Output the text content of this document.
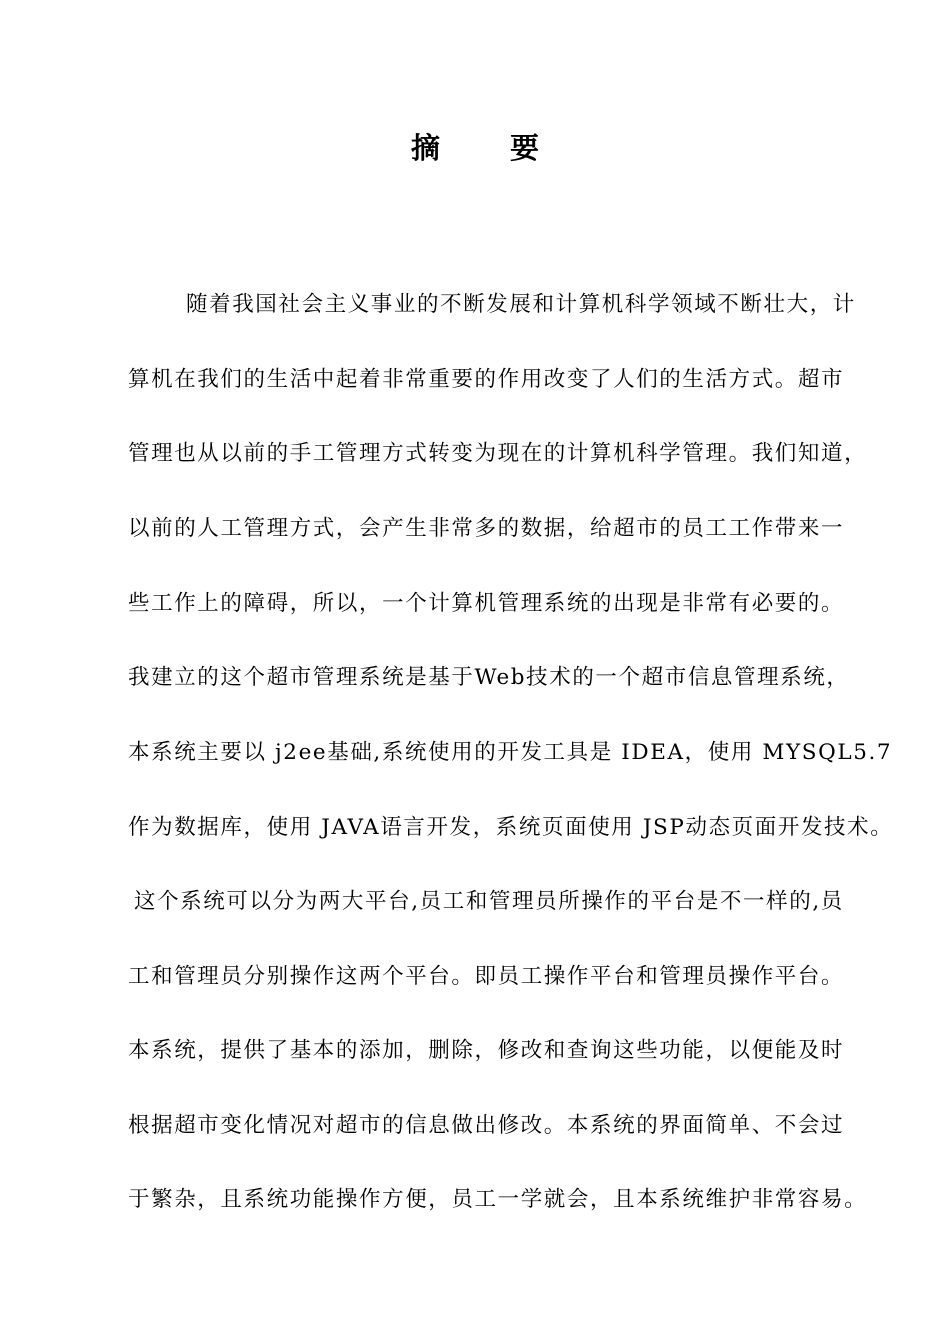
摘 要
随着我国社会主义事业的不断发展和计算机科学领域不断壮大，计
算机在我们的生活中起着非常重要的作用改变了人们的生活方式。超市
管理也从以前的手工管理方式转变为现在的计算机科学管理。我们知道，
以前的人工管理方式，会产生非常多的数据，给超市的员工工作带来一
些工作上的障碍，所以，一个计算机管理系统的出现是非常有必要的。
我建立的这个超市管理系统是基于Web技术的一个超市信息管理系统，
本系统主要以 j2ee基础,系统使用的开发工具是 IDEA，使用 MYSQL5.7
作为数据库，使用 JAVA语言开发，系统页面使用 JSP动态页面开发技术。
这个系统可以分为两大平台,员工和管理员所操作的平台是不一样的,员
工和管理员分别操作这两个平台。即员工操作平台和管理员操作平台。
本系统，提供了基本的添加，删除，修改和查询这些功能，以便能及时
根据超市变化情况对超市的信息做出修改。本系统的界面简单、不会过
于繁杂，且系统功能操作方便，员工一学就会，且本系统维护非常容易。
